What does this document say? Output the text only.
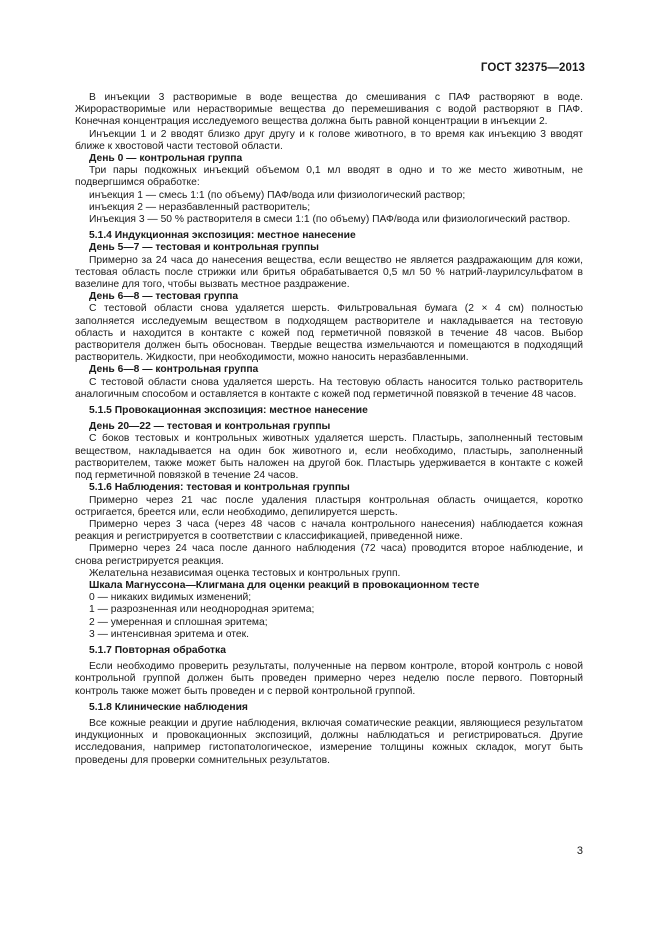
ГОСТ 32375—2013

В инъекции 3 растворимые в воде вещества до смешивания с ПАФ растворяют в воде. Жирорастворимые или нерастворимые вещества до перемешивания с водой растворяют в ПАФ. Конечная концентрация исследуемого вещества должна быть равной концентрации в инъекции 2.

Инъекции 1 и 2 вводят близко друг другу и к голове животного, в то время как инъекцию 3 вводят ближе к хвостовой части тестовой области.

День 0 — контрольная группа

Три пары подкожных инъекций объемом 0,1 мл вводят в одно и то же место животным, не подвергшимся обработке:

инъекция 1 — смесь 1:1 (по объему) ПАФ/вода или физиологический раствор;

инъекция 2 — неразбавленный растворитель;

Инъекция 3 — 50 % растворителя в смеси 1:1 (по объему) ПАФ/вода или физиологический раствор.

5.1.4 Индукционная экспозиция: местное нанесение

День 5—7 — тестовая и контрольная группы

Примерно за 24 часа до нанесения вещества, если вещество не является раздражающим для кожи, тестовая область после стрижки или бритья обрабатывается 0,5 мл 50 % натрий-лаурилсульфатом в вазелине для того, чтобы вызвать местное раздражение.

День 6—8 — тестовая группа

С тестовой области снова удаляется шерсть. Фильтровальная бумага (2 × 4 см) полностью заполняется исследуемым веществом в подходящем растворителе и накладывается на тестовую область и находится в контакте с кожей под герметичной повязкой в течение 48 часов. Выбор растворителя должен быть обоснован. Твердые вещества измельчаются и помещаются в подходящий растворитель. Жидкости, при необходимости, можно наносить неразбавленными.

День 6—8 — контрольная группа

С тестовой области снова удаляется шерсть. На тестовую область наносится только растворитель аналогичным способом и оставляется в контакте с кожей под герметичной повязкой в течение 48 часов.

5.1.5 Провокационная экспозиция: местное нанесение

День 20—22 — тестовая и контрольная группы

С боков тестовых и контрольных животных удаляется шерсть. Пластырь, заполненный тестовым веществом, накладывается на один бок животного и, если необходимо, пластырь, заполненный растворителем, также может быть наложен на другой бок. Пластырь удерживается в контакте с кожей под герметичной повязкой в течение 24 часов.

5.1.6 Наблюдения: тестовая и контрольная группы

Примерно через 21 час после удаления пластыря контрольная область очищается, коротко остригается, бреется или, если необходимо, депилируется шерсть.

Примерно через 3 часа (через 48 часов с начала контрольного нанесения) наблюдается кожная реакция и регистрируется в соответствии с классификацией, приведенной ниже.

Примерно через 24 часа после данного наблюдения (72 часа) проводится второе наблюдение, и снова регистрируется реакция.

Желательна независимая оценка тестовых и контрольных групп.

Шкала Магнуссона—Клигмана для оценки реакций в провокационном тесте

0 — никаких видимых изменений;

1 — разрозненная или неоднородная эритема;

2 — умеренная и сплошная эритема;

3 — интенсивная эритема и отек.

5.1.7 Повторная обработка

Если необходимо проверить результаты, полученные на первом контроле, второй контроль с новой контрольной группой должен быть проведен примерно через неделю после первого. Повторный контроль также может быть проведен и с первой контрольной группой.

5.1.8 Клинические наблюдения

Все кожные реакции и другие наблюдения, включая соматические реакции, являющиеся результатом индукционных и провокационных экспозиций, должны наблюдаться и регистрироваться. Другие исследования, например гистопатологическое, измерение толщины кожных складок, могут быть проведены для проверки сомнительных результатов.

3
